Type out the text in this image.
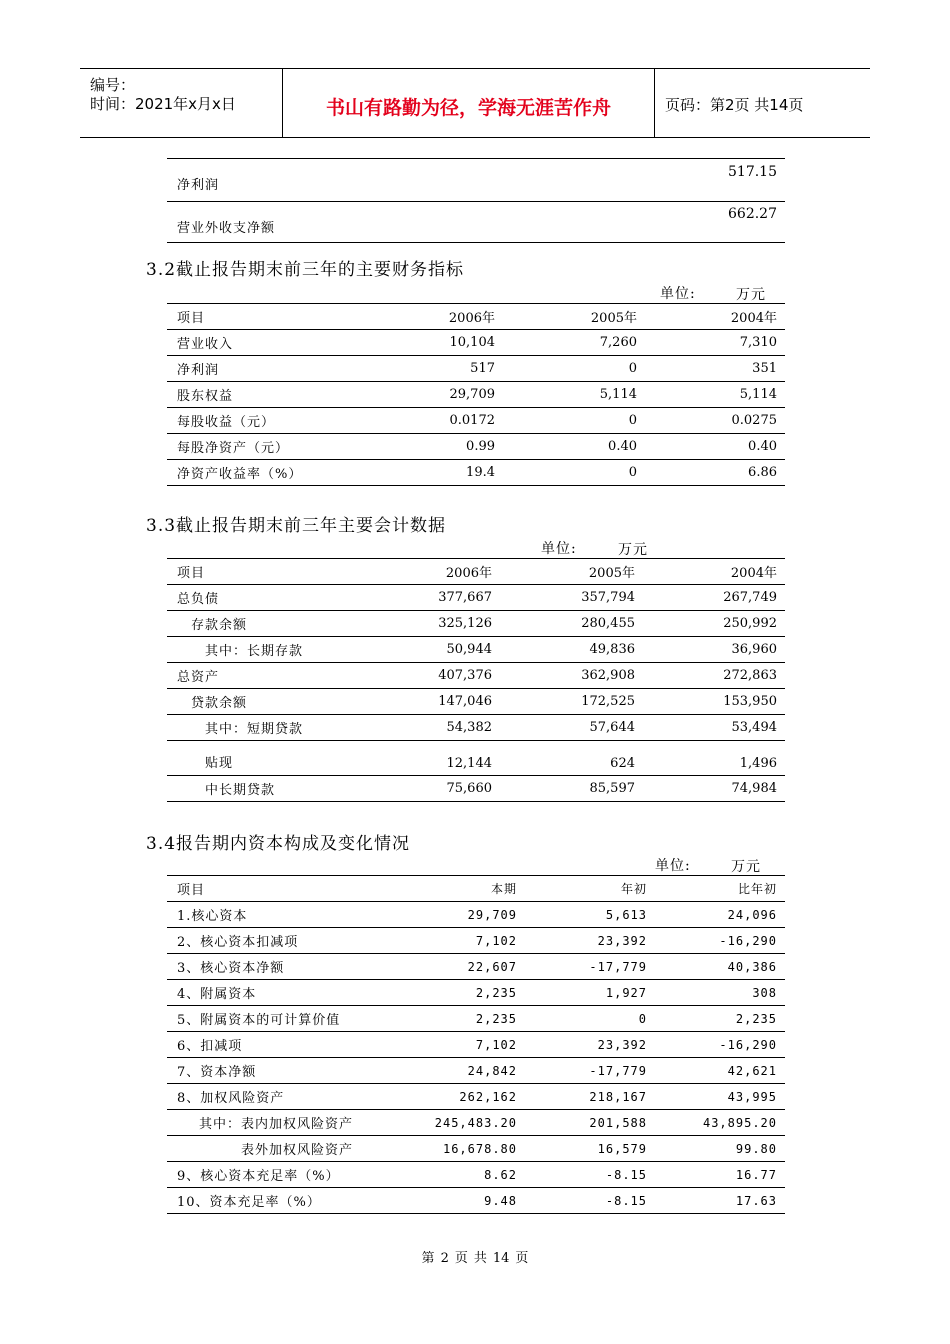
编号：
时间：2021年x月x日	书山有路勤为径，学海无涯苦作舟	页码：第2页 共14页
净利润	517.15
营业外收支净额	662.27
3.2截止报告期末前三年的主要财务指标
单位:	万元
项目	2006年	2005年	2004年
营业收入	10,104	7,260	7,310
净利润	517	0	351
股东权益	29,709	5,114	5,114
每股收益（元）	0.0172	0	0.0275
每股净资产（元）	0.99	0.40	0.40
净资产收益率（%）	19.4	0	6.86
3.3截止报告期末前三年主要会计数据
单位:	万元
项目	2006年	2005年	2004年
总负债	377,667	357,794	267,749
存款余额	325,126	280,455	250,992
其中：长期存款	50,944	49,836	36,960
总资产	407,376	362,908	272,863
贷款余额	147,046	172,525	153,950
其中：短期贷款	54,382	57,644	53,494
贴现	12,144	624	1,496
中长期贷款	75,660	85,597	74,984
3.4报告期内资本构成及变化情况
单位:	万元
项目	本期	年初	比年初
1.核心资本	29,709	5,613	24,096
2、核心资本扣减项	7,102	23,392	-16,290
3、核心资本净额	22,607	-17,779	40,386
4、附属资本	2,235	1,927	308
5、附属资本的可计算价值	2,235	0	2,235
6、扣减项	7,102	23,392	-16,290
7、资本净额	24,842	-17,779	42,621
8、加权风险资产	262,162	218,167	43,995
其中：表内加权风险资产	245,483.20	201,588	43,895.20
表外加权风险资产	16,678.80	16,579	99.80
9、核心资本充足率（%）	8.62	-8.15	16.77
10、资本充足率（%）	9.48	-8.15	17.63
第 2 页 共 14 页
